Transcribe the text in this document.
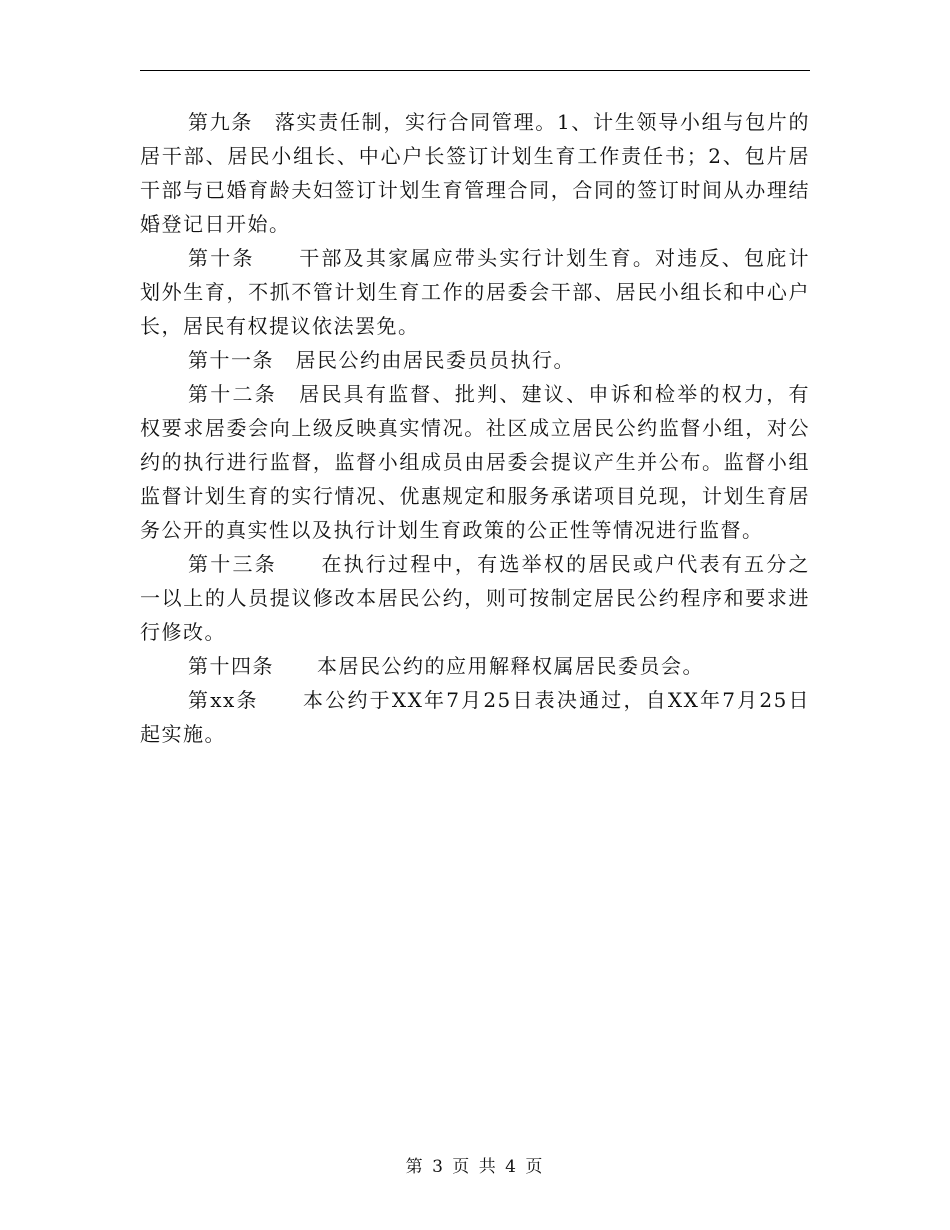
第九条　落实责任制，实行合同管理。1、计生领导小组与包片的居干部、居民小组长、中心户长签订计划生育工作责任书；2、包片居干部与已婚育龄夫妇签订计划生育管理合同，合同的签订时间从办理结婚登记日开始。

第十条　　干部及其家属应带头实行计划生育。对违反、包庇计划外生育，不抓不管计划生育工作的居委会干部、居民小组长和中心户长，居民有权提议依法罢免。

第十一条　居民公约由居民委员员执行。

第十二条　居民具有监督、批判、建议、申诉和检举的权力，有权要求居委会向上级反映真实情况。社区成立居民公约监督小组，对公约的执行进行监督，监督小组成员由居委会提议产生并公布。监督小组监督计划生育的实行情况、优惠规定和服务承诺项目兑现，计划生育居务公开的真实性以及执行计划生育政策的公正性等情况进行监督。

第十三条　　在执行过程中，有选举权的居民或户代表有五分之一以上的人员提议修改本居民公约，则可按制定居民公约程序和要求进行修改。

第十四条　　本居民公约的应用解释权属居民委员会。

第xx条　　本公约于XX年7月25日表决通过，自XX年7月25日起实施。

第 3 页 共 4 页
